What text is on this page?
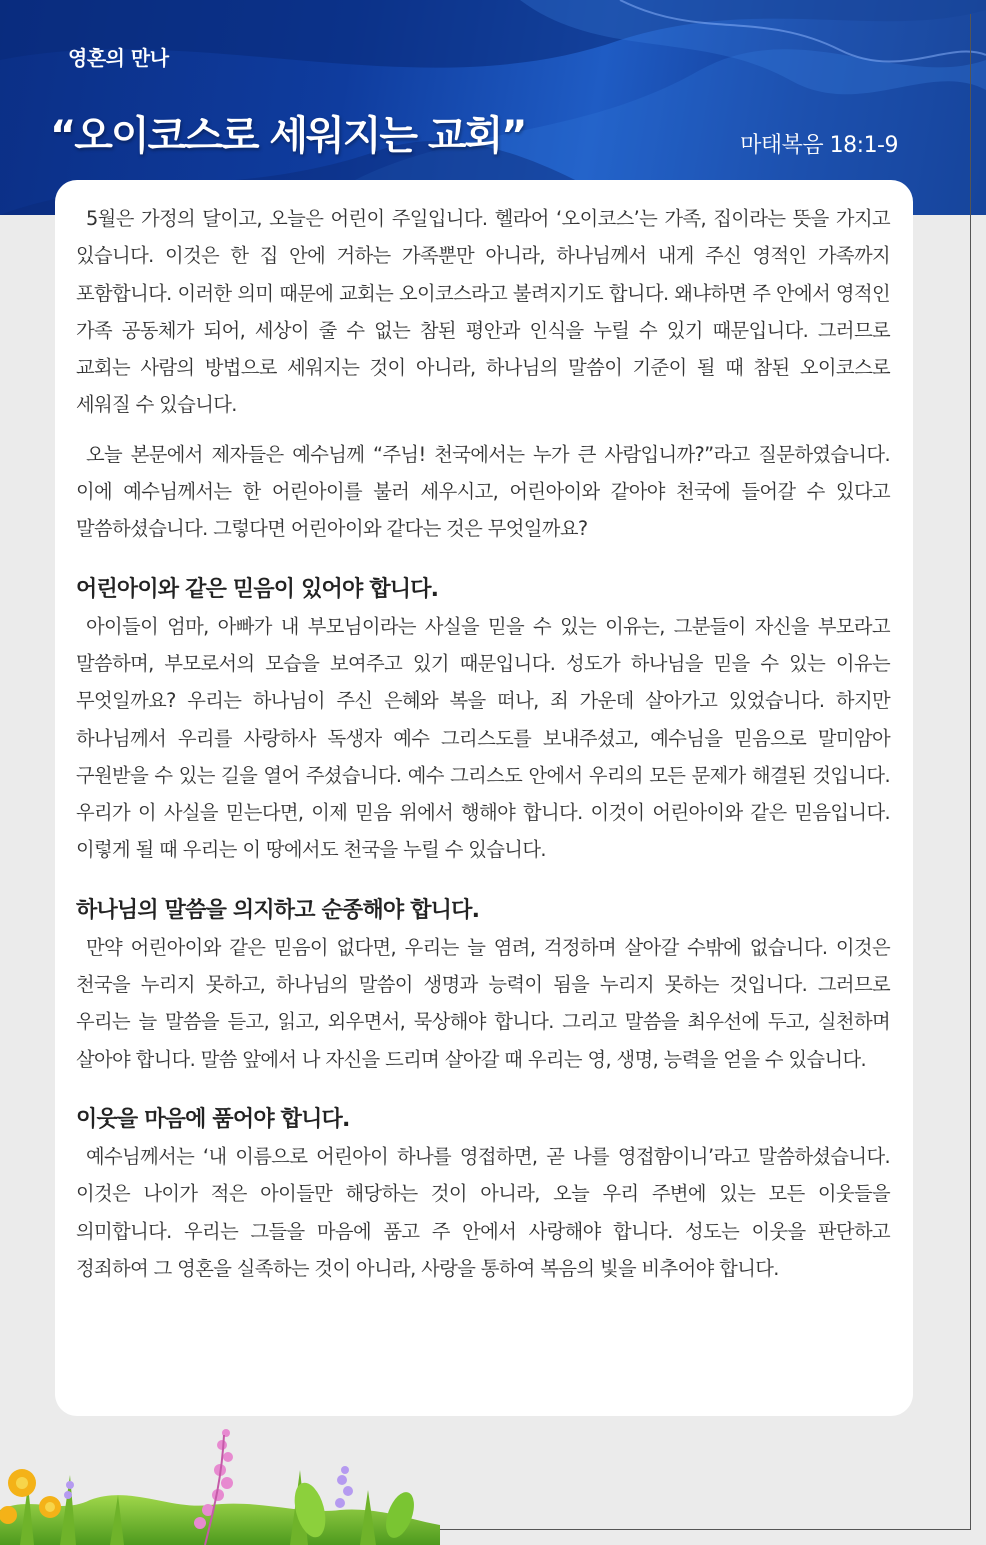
영혼의 만나
“오이코스로 세워지는 교회”	마태복음 18:1-9

5월은 가정의 달이고, 오늘은 어린이 주일입니다. 헬라어 ‘오이코스’는 가족, 집이라는 뜻을 가지고 있습니다. 이것은 한 집 안에 거하는 가족뿐만 아니라, 하나님께서 내게 주신 영적인 가족까지 포함합니다. 이러한 의미 때문에 교회는 오이코스라고 불려지기도 합니다. 왜냐하면 주 안에서 영적인 가족 공동체가 되어, 세상이 줄 수 없는 참된 평안과 인식을 누릴 수 있기 때문입니다. 그러므로 교회는 사람의 방법으로 세워지는 것이 아니라, 하나님의 말씀이 기준이 될 때 참된 오이코스로 세워질 수 있습니다.

오늘 본문에서 제자들은 예수님께 “주님! 천국에서는 누가 큰 사람입니까?”라고 질문하였습니다. 이에 예수님께서는 한 어린아이를 불러 세우시고, 어린아이와 같아야 천국에 들어갈 수 있다고 말씀하셨습니다. 그렇다면 어린아이와 같다는 것은 무엇일까요?

어린아이와 같은 믿음이 있어야 합니다.

아이들이 엄마, 아빠가 내 부모님이라는 사실을 믿을 수 있는 이유는, 그분들이 자신을 부모라고 말씀하며, 부모로서의 모습을 보여주고 있기 때문입니다. 성도가 하나님을 믿을 수 있는 이유는 무엇일까요? 우리는 하나님이 주신 은혜와 복을 떠나, 죄 가운데 살아가고 있었습니다. 하지만 하나님께서 우리를 사랑하사 독생자 예수 그리스도를 보내주셨고, 예수님을 믿음으로 말미암아 구원받을 수 있는 길을 열어 주셨습니다. 예수 그리스도 안에서 우리의 모든 문제가 해결된 것입니다. 우리가 이 사실을 믿는다면, 이제 믿음 위에서 행해야 합니다. 이것이 어린아이와 같은 믿음입니다. 이렇게 될 때 우리는 이 땅에서도 천국을 누릴 수 있습니다.

하나님의 말씀을 의지하고 순종해야 합니다.

만약 어린아이와 같은 믿음이 없다면, 우리는 늘 염려, 걱정하며 살아갈 수밖에 없습니다. 이것은 천국을 누리지 못하고, 하나님의 말씀이 생명과 능력이 됨을 누리지 못하는 것입니다. 그러므로 우리는 늘 말씀을 듣고, 읽고, 외우면서, 묵상해야 합니다. 그리고 말씀을 최우선에 두고, 실천하며 살아야 합니다. 말씀 앞에서 나 자신을 드리며 살아갈 때 우리는 영, 생명, 능력을 얻을 수 있습니다.

이웃을 마음에 품어야 합니다.

예수님께서는 ‘내 이름으로 어린아이 하나를 영접하면, 곧 나를 영접함이니’라고 말씀하셨습니다. 이것은 나이가 적은 아이들만 해당하는 것이 아니라, 오늘 우리 주변에 있는 모든 이웃들을 의미합니다. 우리는 그들을 마음에 품고 주 안에서 사랑해야 합니다. 성도는 이웃을 판단하고 정죄하여 그 영혼을 실족하는 것이 아니라, 사랑을 통하여 복음의 빛을 비추어야 합니다.
